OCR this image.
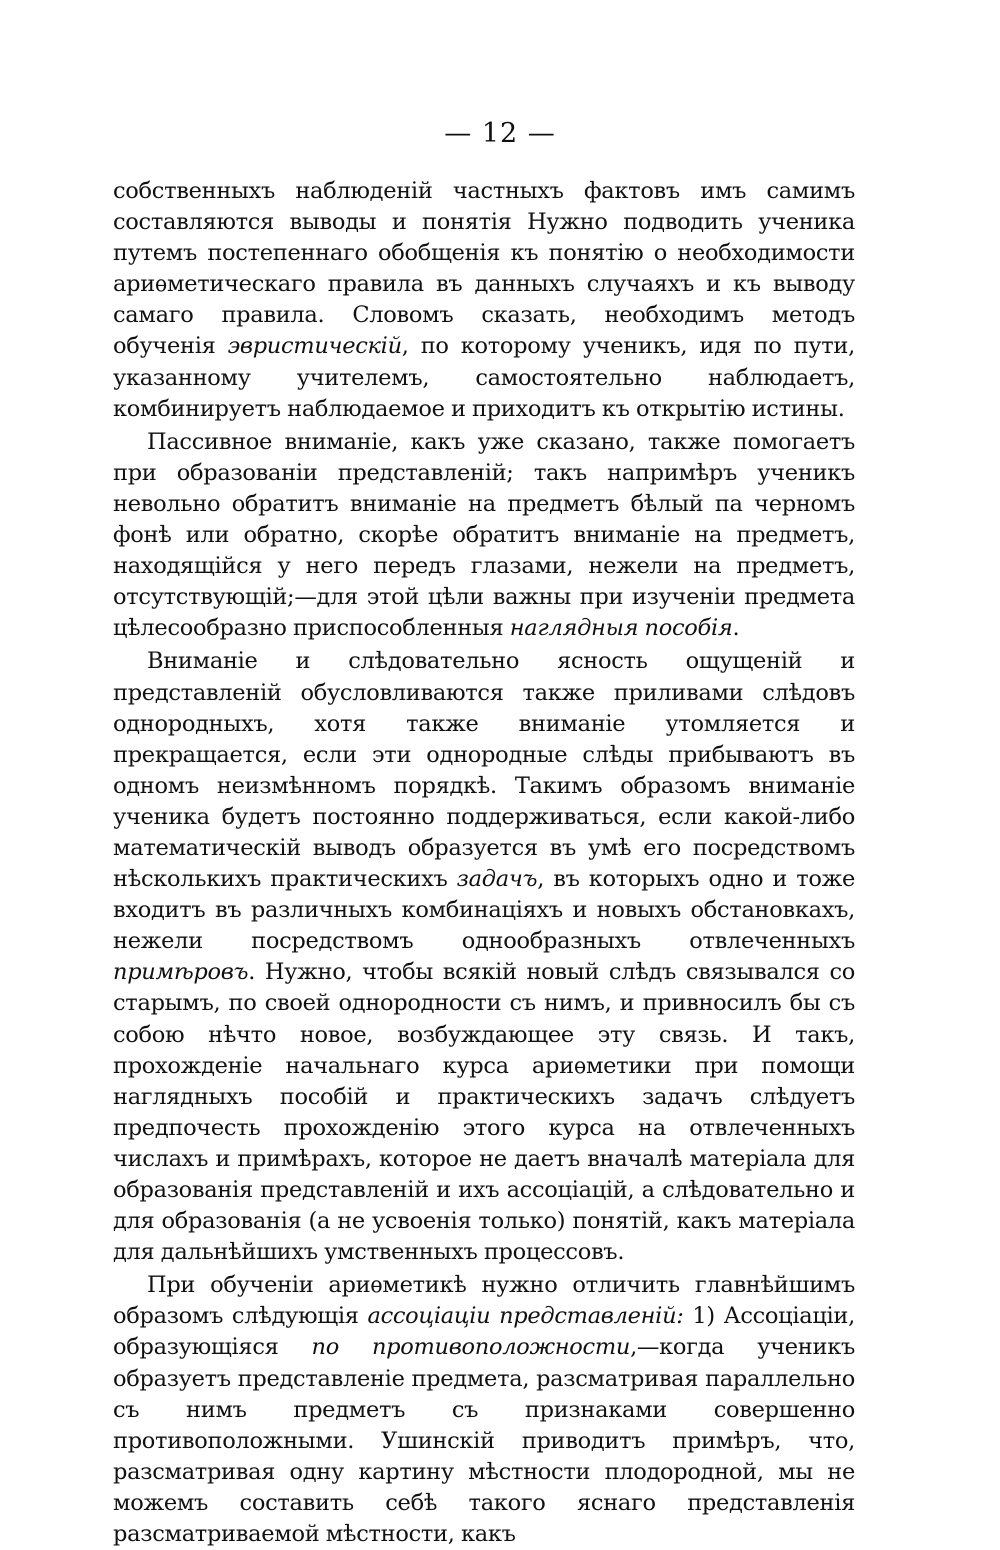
— 12 —

собственныхъ наблюденій частныхъ фактовъ имъ самимъ составляются выводы и понятія Нужно подводить ученика путемъ постепеннаго обобщенія къ понятію о необходимости ариѳметическаго правила въ данныхъ случаяхъ и къ выводу самаго правила. Словомъ сказать, необходимъ методъ обученія эвристическій, по которому ученикъ, идя по пути, указанному учителемъ, самостоятельно наблюдаетъ, комбинируетъ наблюдаемое и приходитъ къ открытію истины.

Пассивное вниманіе, какъ уже сказано, также помогаетъ при образованіи представленій; такъ напримѣръ ученикъ невольно обратитъ вниманіе на предметъ бѣлый па черномъ фонѣ или обратно, скорѣе обратитъ вниманіе на предметъ, находящійся у него передъ глазами, нежели на предметъ, отсутствующій;—для этой цѣли важны при изученіи предмета цѣлесообразно приспособленныя наглядныя пособія.

Вниманіе и слѣдовательно ясность ощущеній и представленій обусловливаются также приливами слѣдовъ однородныхъ, хотя также вниманіе утомляется и прекращается, если эти однородные слѣды прибываютъ въ одномъ неизмѣнномъ порядкѣ. Такимъ образомъ вниманіе ученика будетъ постоянно поддерживаться, если какой-либо математическій выводъ образуется въ умѣ его посредствомъ нѣсколькихъ практическихъ задачъ, въ которыхъ одно и тоже входитъ въ различныхъ комбинаціяхъ и новыхъ обстановкахъ, нежели посредствомъ однообразныхъ отвлеченныхъ примѣровъ. Нужно, чтобы всякій новый слѣдъ связывался со старымъ, по своей однородности съ нимъ, и привносилъ бы съ собою нѣчто новое, возбуждающее эту связь. И такъ, прохожденіе начальнаго курса ариѳметики при помощи наглядныхъ пособій и практическихъ задачъ слѣдуетъ предпочесть прохожденію этого курса на отвлеченныхъ числахъ и примѣрахъ, которое не даетъ вначалѣ матеріала для образованія представленій и ихъ ассоціацій, а слѣдовательно и для образованія (а не усвоенія только) понятій, какъ матеріала для дальнѣйшихъ умственныхъ процессовъ.

При обученіи ариѳметикѣ нужно отличить главнѣйшимъ образомъ слѣдующія ассоціаціи представленій: 1) Ассоціаціи, образующіяся по противоположности,—когда ученикъ образуетъ представленіе предмета, разсматривая параллельно съ нимъ предметъ съ признаками совершенно противоположными. Ушинскій приводитъ примѣръ, что, разсматривая одну картину мѣстности плодородной, мы не можемъ составить себѣ такого яснаго представленія разсматриваемой мѣстности, какъ
